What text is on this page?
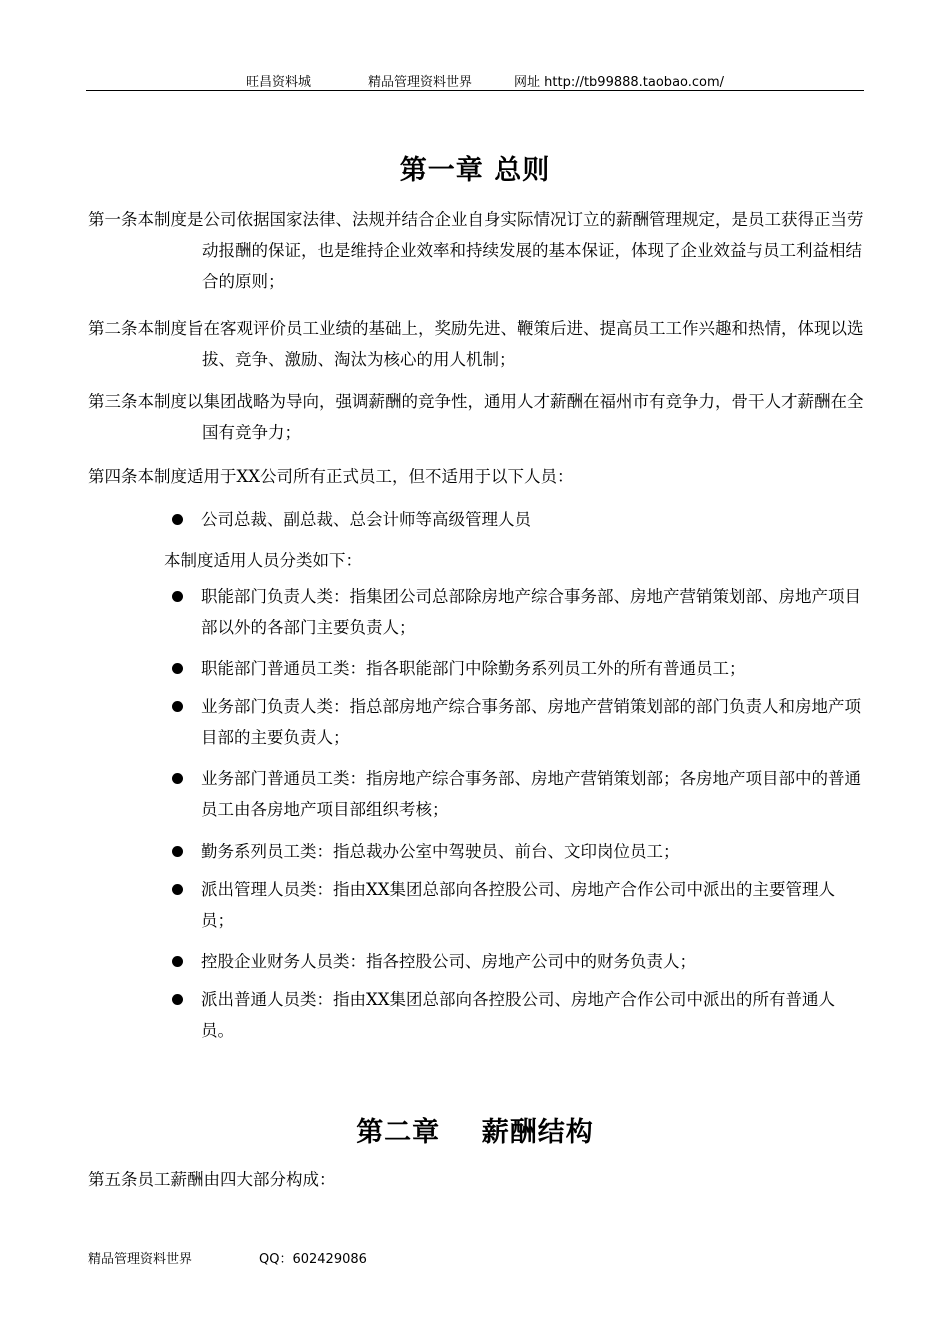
旺昌资料城	精品管理资料世界	网址 http://tb99888.taobao.com/
第一章 总则
第一条本制度是公司依据国家法律、法规并结合企业自身实际情况订立的薪酬管理规定，是员工获得正当劳动报酬的保证，也是维持企业效率和持续发展的基本保证，体现了企业效益与员工利益相结合的原则；
第二条本制度旨在客观评价员工业绩的基础上，奖励先进、鞭策后进、提高员工工作兴趣和热情，体现以选拔、竞争、激励、淘汰为核心的用人机制；
第三条本制度以集团战略为导向，强调薪酬的竞争性，通用人才薪酬在福州市有竞争力，骨干人才薪酬在全国有竞争力；
第四条本制度适用于XX公司所有正式员工，但不适用于以下人员：
公司总裁、副总裁、总会计师等高级管理人员
本制度适用人员分类如下：
职能部门负责人类：指集团公司总部除房地产综合事务部、房地产营销策划部、房地产项目部以外的各部门主要负责人；
职能部门普通员工类：指各职能部门中除勤务系列员工外的所有普通员工；
业务部门负责人类：指总部房地产综合事务部、房地产营销策划部的部门负责人和房地产项目部的主要负责人；
业务部门普通员工类：指房地产综合事务部、房地产营销策划部；各房地产项目部中的普通员工由各房地产项目部组织考核；
勤务系列员工类：指总裁办公室中驾驶员、前台、文印岗位员工；
派出管理人员类：指由XX集团总部向各控股公司、房地产合作公司中派出的主要管理人员；
控股企业财务人员类：指各控股公司、房地产公司中的财务负责人；
派出普通人员类：指由XX集团总部向各控股公司、房地产合作公司中派出的所有普通人员。
第二章    薪酬结构
第五条员工薪酬由四大部分构成：
精品管理资料世界	QQ：602429086
